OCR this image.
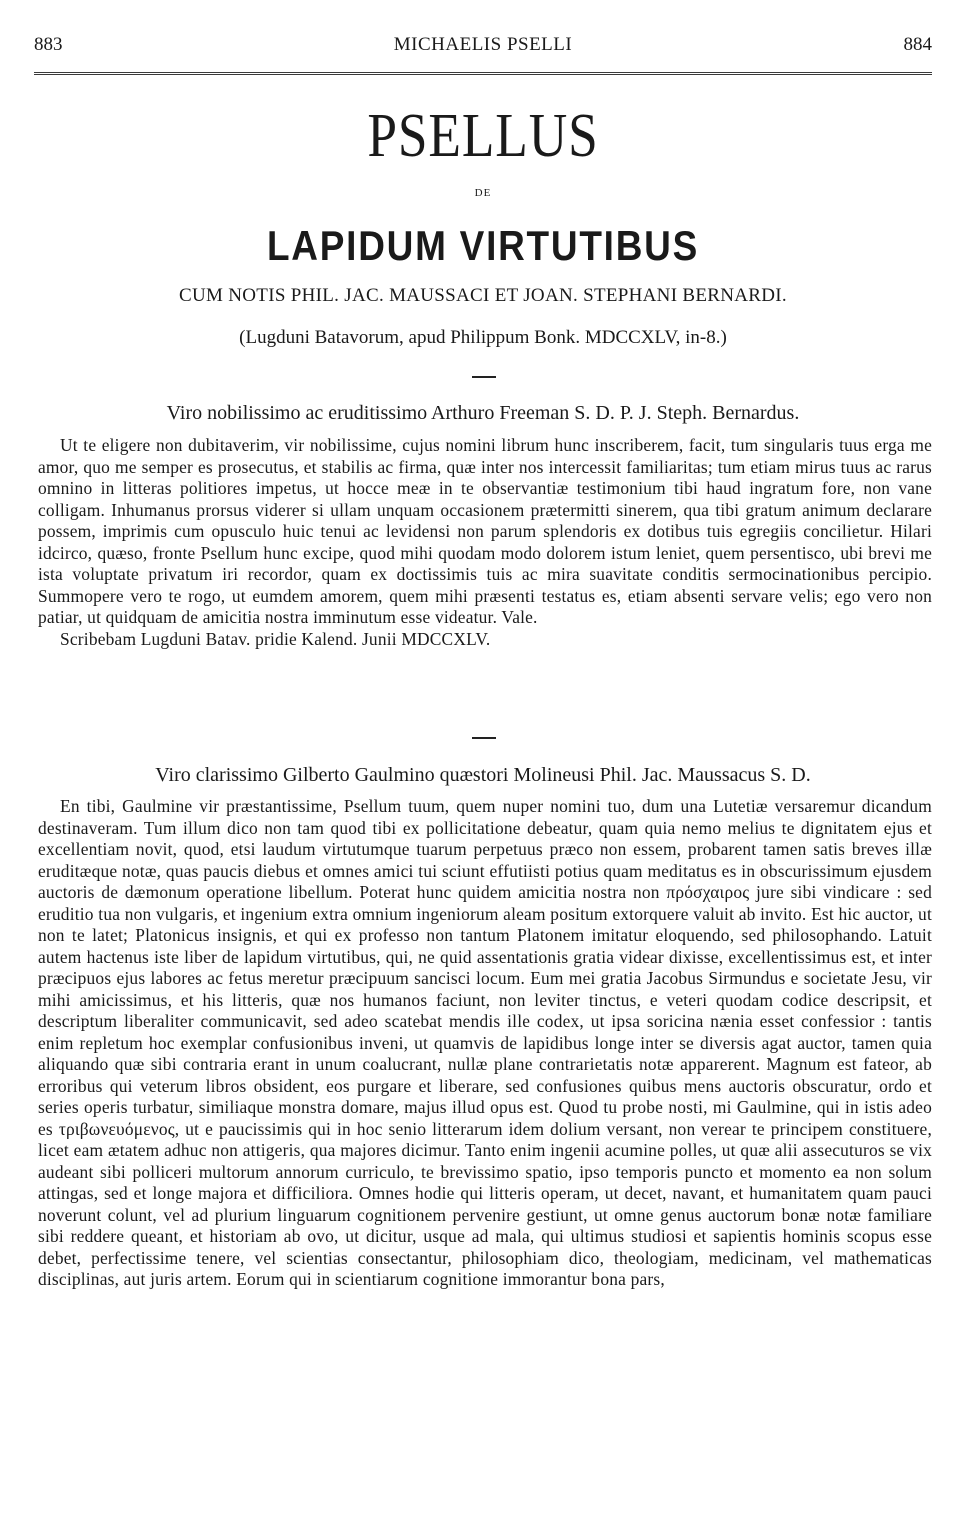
883	MICHAELIS PSELLI	884
PSELLUS
DE
LAPIDUM VIRTUTIBUS
CUM NOTIS PHIL. JAC. MAUSSACI ET JOAN. STEPHANI BERNARDI.
(Lugduni Batavorum, apud Philippum Bonk. MDCCXLV, in-8.)
Viro nobilissimo ac eruditissimo Arthuro Freeman S. D. P. J. Steph. Bernardus.

Ut te eligere non dubitaverim, vir nobilissime, cujus nomini librum hunc inscriberem, facit, tum singularis tuus erga me amor, quo me semper es prosecutus, et stabilis ac firma, quæ inter nos intercessit familiaritas; tum etiam mirus tuus ac rarus omnino in litteras politiores impetus, ut hocce meæ in te observantiæ testimonium tibi haud ingratum fore, non vane colligam. Inhumanus prorsus viderer si ullam unquam occasionem prætermitti sinerem, qua tibi gratum animum declarare possem, imprimis cum opusculo huic tenui ac levidensi non parum splendoris ex dotibus tuis egregiis concilietur. Hilari idcirco, quæso, fronte Psellum hunc excipe, quod mihi quodam modo dolorem istum leniet, quem persentisco, ubi brevi me ista voluptate privatum iri recordor, quam ex doctissimis tuis ac mira suavitate conditis sermocinationibus percipio. Summopere vero te rogo, ut eumdem amorem, quem mihi præsenti testatus es, etiam absenti servare velis; ego vero non patiar, ut quidquam de amicitia nostra imminutum esse videatur. Vale.

Scribebam Lugduni Batav. pridie Kalend. Junii MDCCXLV.

Viro clarissimo Gilberto Gaulmino quæstori Molineusi Phil. Jac. Maussacus S. D.

En tibi, Gaulmine vir præstantissime, Psellum tuum, quem nuper nomini tuo, dum una Lutetiæ versaremur dicandum destinaveram. Tum illum dico non tam quod tibi ex pollicitatione debeatur, quam quia nemo melius te dignitatem ejus et excellentiam novit, quod, etsi laudum virtutumque tuarum perpetuus præco non essem, probarent tamen satis breves illæ eruditæque notæ, quas paucis diebus et omnes amici tui sciunt effutiisti potius quam meditatus es in obscurissimum ejusdem auctoris de dæmonum operatione libellum. Poterat hunc quidem amicitia nostra non πρόσχαιρος jure sibi vindicare : sed eruditio tua non vulgaris, et ingenium extra omnium ingeniorum aleam positum extorquere valuit ab invito. Est hic auctor, ut non te latet; Platonicus insignis, et qui ex professo non tantum Platonem imitatur eloquendo, sed philosophando. Latuit autem hactenus iste liber de lapidum virtutibus, qui, ne quid assentationis gratia videar dixisse, excellentissimus est, et inter præcipuos ejus labores ac fetus meretur præcipuum sancisci locum. Eum mei gratia Jacobus Sirmundus e societate Jesu, vir mihi amicissimus, et his litteris, quæ nos humanos faciunt, non leviter tinctus, e veteri quodam codice descripsit, et descriptum liberaliter communicavit, sed adeo scatebat mendis ille codex, ut ipsa soricina nænia esset confessior : tantis enim repletum hoc exemplar confusionibus inveni, ut quamvis de lapidibus longe inter se diversis agat auctor, tamen quia aliquando quæ sibi contraria erant in unum coalucrant, nullæ plane contrarietatis notæ apparerent. Magnum est fateor, ab erroribus qui veterum libros obsident, eos purgare et liberare, sed confusiones quibus mens auctoris obscuratur, ordo et series operis turbatur, similiaque monstra domare, majus illud opus est. Quod tu probe nosti, mi Gaulmine, qui in istis adeo es τριβωνευόμενος, ut e paucissimis qui in hoc senio litterarum idem dolium versant, non verear te principem constituere, licet eam ætatem adhuc non attigeris, qua majores dicimur. Tanto enim ingenii acumine polles, ut quæ alii assecuturos se vix audeant sibi polliceri multorum annorum curriculo, te brevissimo spatio, ipso temporis puncto et momento ea non solum attingas, sed et longe majora et difficiliora. Omnes hodie qui litteris operam, ut decet, navant, et humanitatem quam pauci noverunt colunt, vel ad plurium linguarum cognitionem pervenire gestiunt, ut omne genus auctorum bonæ notæ familiare sibi reddere queant, et historiam ab ovo, ut dicitur, usque ad mala, qui ultimus studiosi et sapientis hominis scopus esse debet, perfectissime tenere, vel scientias consectantur, philosophiam dico, theologiam, medicinam, vel mathematicas disciplinas, aut juris artem. Eorum qui in scientiarum cognitione immorantur bona pars,
